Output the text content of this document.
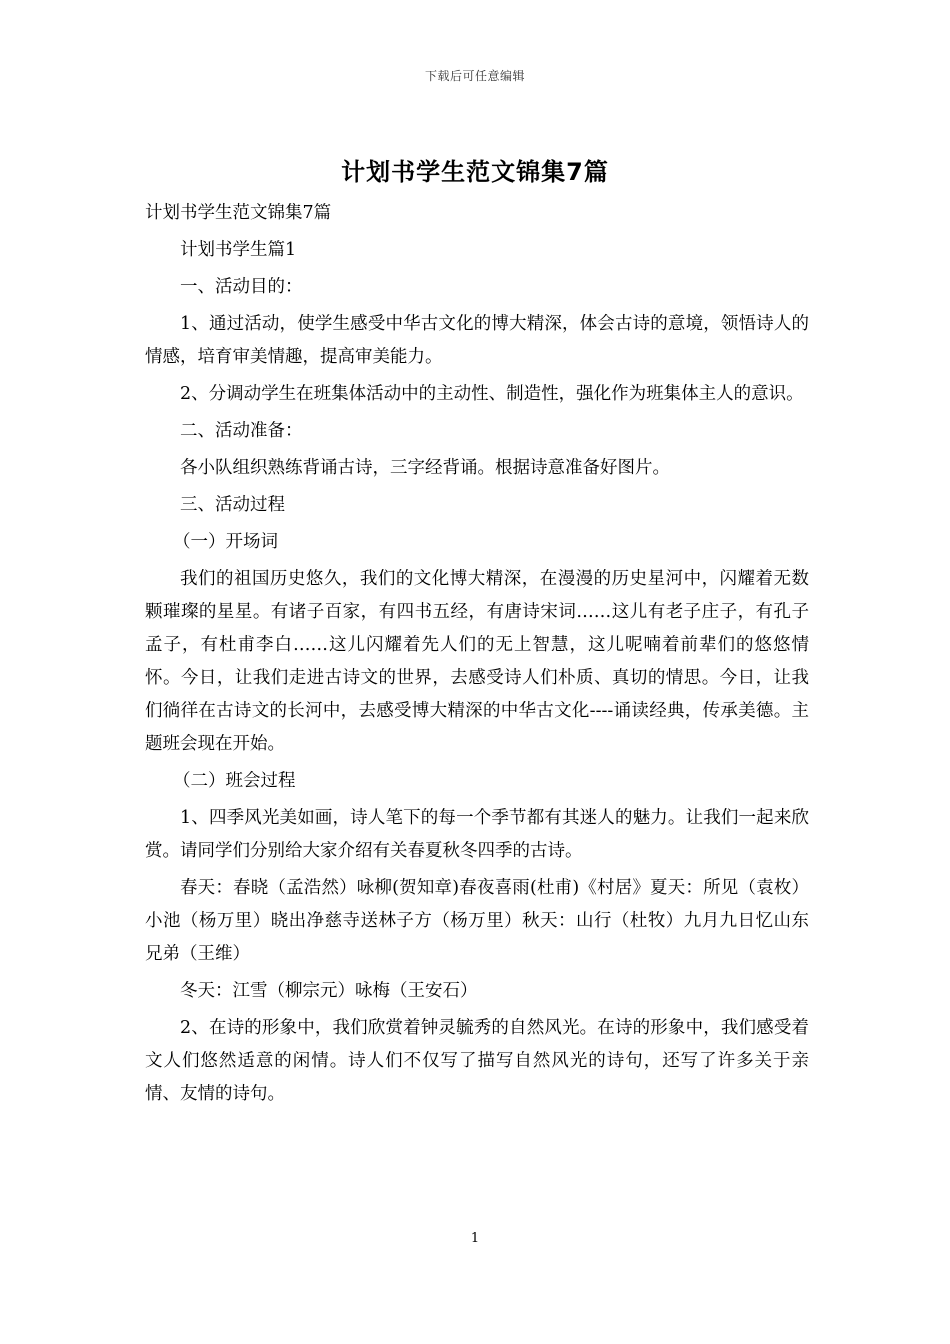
下载后可任意编辑
计划书学生范文锦集7篇

计划书学生范文锦集7篇

计划书学生篇1

一、活动目的：

1、通过活动，使学生感受中华古文化的博大精深，体会古诗的意境，领悟诗人的情感，培育审美情趣，提高审美能力。

2、分调动学生在班集体活动中的主动性、制造性，强化作为班集体主人的意识。

二、活动准备：

各小队组织熟练背诵古诗，三字经背诵。根据诗意准备好图片。

三、活动过程

（一）开场词

我们的祖国历史悠久，我们的文化博大精深，在漫漫的历史星河中，闪耀着无数颗璀璨的星星。有诸子百家，有四书五经，有唐诗宋词……这儿有老子庄子，有孔子孟子，有杜甫李白……这儿闪耀着先人们的无上智慧，这儿呢喃着前辈们的悠悠情怀。今日，让我们走进古诗文的世界，去感受诗人们朴质、真切的情思。今日，让我们徜徉在古诗文的长河中，去感受博大精深的中华古文化----诵读经典，传承美德。主题班会现在开始。

（二）班会过程

1、四季风光美如画，诗人笔下的每一个季节都有其迷人的魅力。让我们一起来欣赏。请同学们分别给大家介绍有关春夏秋冬四季的古诗。

春天：春晓（孟浩然）咏柳(贺知章)春夜喜雨(杜甫)《村居》夏天：所见（袁枚）小池（杨万里）晓出净慈寺送林子方（杨万里）秋天：山行（杜牧）九月九日忆山东兄弟（王维）

冬天：江雪（柳宗元）咏梅（王安石）

2、在诗的形象中，我们欣赏着钟灵毓秀的自然风光。在诗的形象中，我们感受着文人们悠然适意的闲情。诗人们不仅写了描写自然风光的诗句，还写了许多关于亲情、友情的诗句。

1
